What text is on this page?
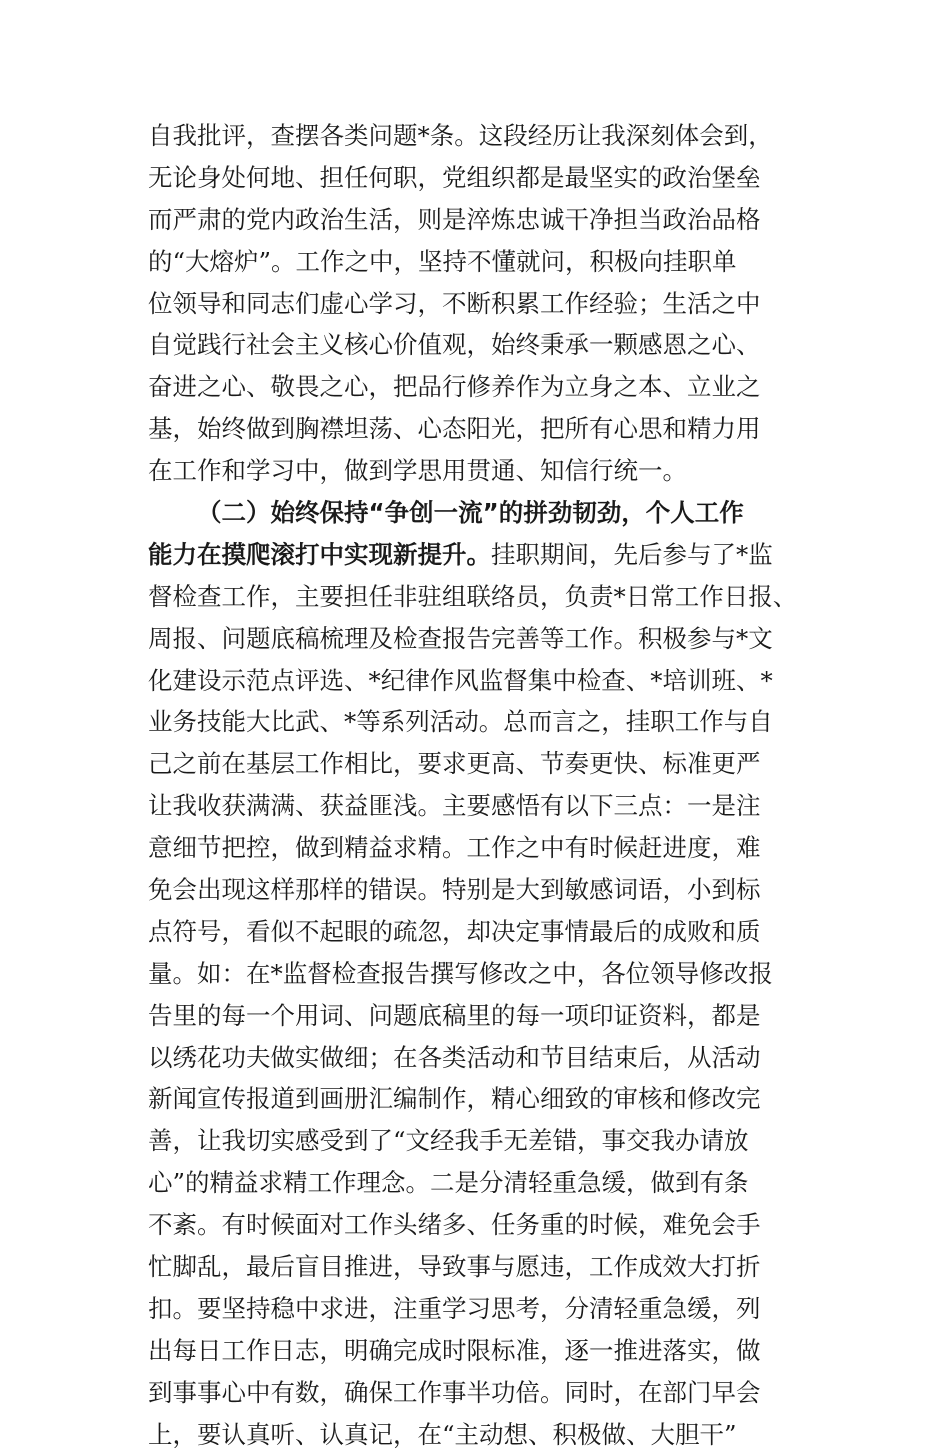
自我批评，查摆各类问题*条。这段经历让我深刻体会到，
无论身处何地、担任何职，党组织都是最坚实的政治堡垒
而严肃的党内政治生活，则是淬炼忠诚干净担当政治品格
的“大熔炉”。工作之中，坚持不懂就问，积极向挂职单
位领导和同志们虚心学习，不断积累工作经验；生活之中
自觉践行社会主义核心价值观，始终秉承一颗感恩之心、
奋进之心、敬畏之心，把品行修养作为立身之本、立业之
基，始终做到胸襟坦荡、心态阳光，把所有心思和精力用
在工作和学习中，做到学思用贯通、知信行统一。
（二）始终保持“争创一流”的拼劲韧劲，个人工作
能力在摸爬滚打中实现新提升。挂职期间，先后参与了*监
督检查工作，主要担任非驻组联络员，负责*日常工作日报、
周报、问题底稿梳理及检查报告完善等工作。积极参与*文
化建设示范点评选、*纪律作风监督集中检查、*培训班、*
业务技能大比武、*等系列活动。总而言之，挂职工作与自
己之前在基层工作相比，要求更高、节奏更快、标准更严
让我收获满满、获益匪浅。主要感悟有以下三点：一是注
意细节把控，做到精益求精。工作之中有时候赶进度，难
免会出现这样那样的错误。特别是大到敏感词语，小到标
点符号，看似不起眼的疏忽，却决定事情最后的成败和质
量。如：在*监督检查报告撰写修改之中，各位领导修改报
告里的每一个用词、问题底稿里的每一项印证资料，都是
以绣花功夫做实做细；在各类活动和节目结束后，从活动
新闻宣传报道到画册汇编制作，精心细致的审核和修改完
善，让我切实感受到了“文经我手无差错，事交我办请放
心”的精益求精工作理念。二是分清轻重急缓，做到有条
不紊。有时候面对工作头绪多、任务重的时候，难免会手
忙脚乱，最后盲目推进，导致事与愿违，工作成效大打折
扣。要坚持稳中求进，注重学习思考，分清轻重急缓，列
出每日工作日志，明确完成时限标准，逐一推进落实，做
到事事心中有数，确保工作事半功倍。同时，在部门早会
上，要认真听、认真记，在“主动想、积极做、大胆干”
